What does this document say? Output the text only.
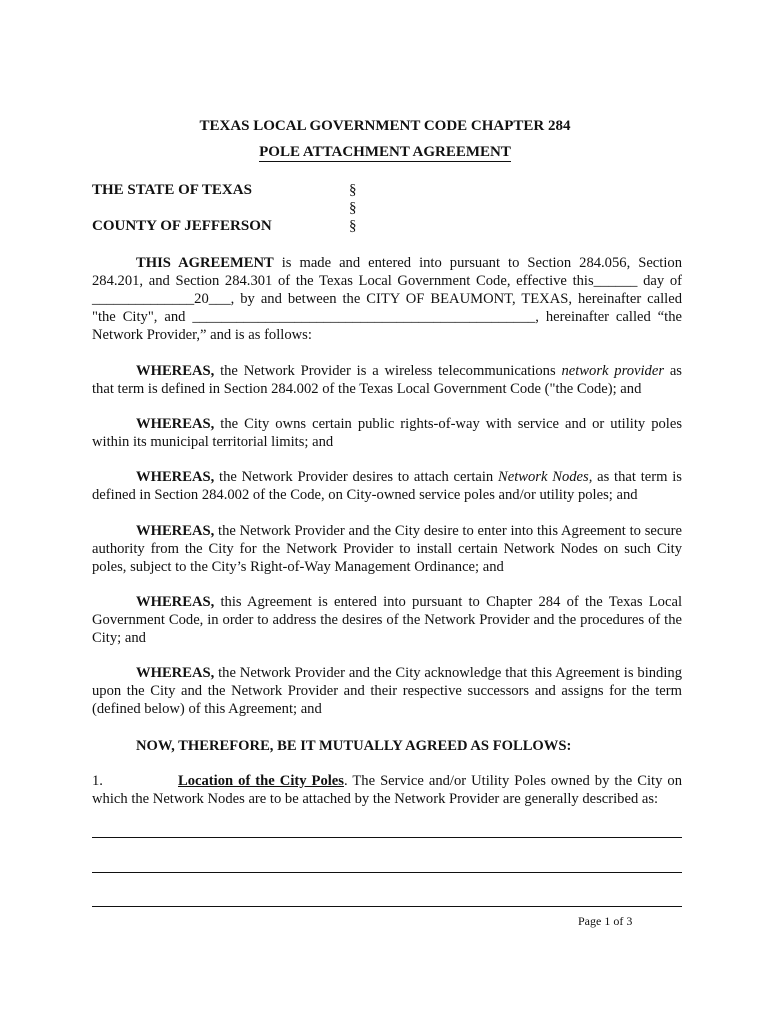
TEXAS LOCAL GOVERNMENT CODE CHAPTER 284
POLE ATTACHMENT AGREEMENT
THE STATE OF TEXAS	§
§
COUNTY OF JEFFERSON	§
THIS AGREEMENT is made and entered into pursuant to Section 284.056, Section 284.201, and Section 284.301 of the Texas Local Government Code, effective this______ day of ______________20___, by and between the CITY OF BEAUMONT, TEXAS, hereinafter called "the City", and _______________________________________________, hereinafter called “the Network Provider,” and is as follows:
WHEREAS, the Network Provider is a wireless telecommunications network provider as that term is defined in Section 284.002 of the Texas Local Government Code ("the Code); and
WHEREAS, the City owns certain public rights-of-way with service and or utility poles within its municipal territorial limits; and
WHEREAS, the Network Provider desires to attach certain Network Nodes, as that term is defined in Section 284.002 of the Code, on City-owned service poles and/or utility poles; and
WHEREAS, the Network Provider and the City desire to enter into this Agreement to secure authority from the City for the Network Provider to install certain Network Nodes on such City poles, subject to the City’s Right-of-Way Management Ordinance; and
WHEREAS, this Agreement is entered into pursuant to Chapter 284 of the Texas Local Government Code, in order to address the desires of the Network Provider and the procedures of the City; and
WHEREAS, the Network Provider and the City acknowledge that this Agreement is binding upon the City and the Network Provider and their respective successors and assigns for the term (defined below) of this Agreement; and
NOW, THEREFORE, BE IT MUTUALLY AGREED AS FOLLOWS:
1.	Location of the City Poles. The Service and/or Utility Poles owned by the City on which the Network Nodes are to be attached by the Network Provider are generally described as:
Page 1 of 3
